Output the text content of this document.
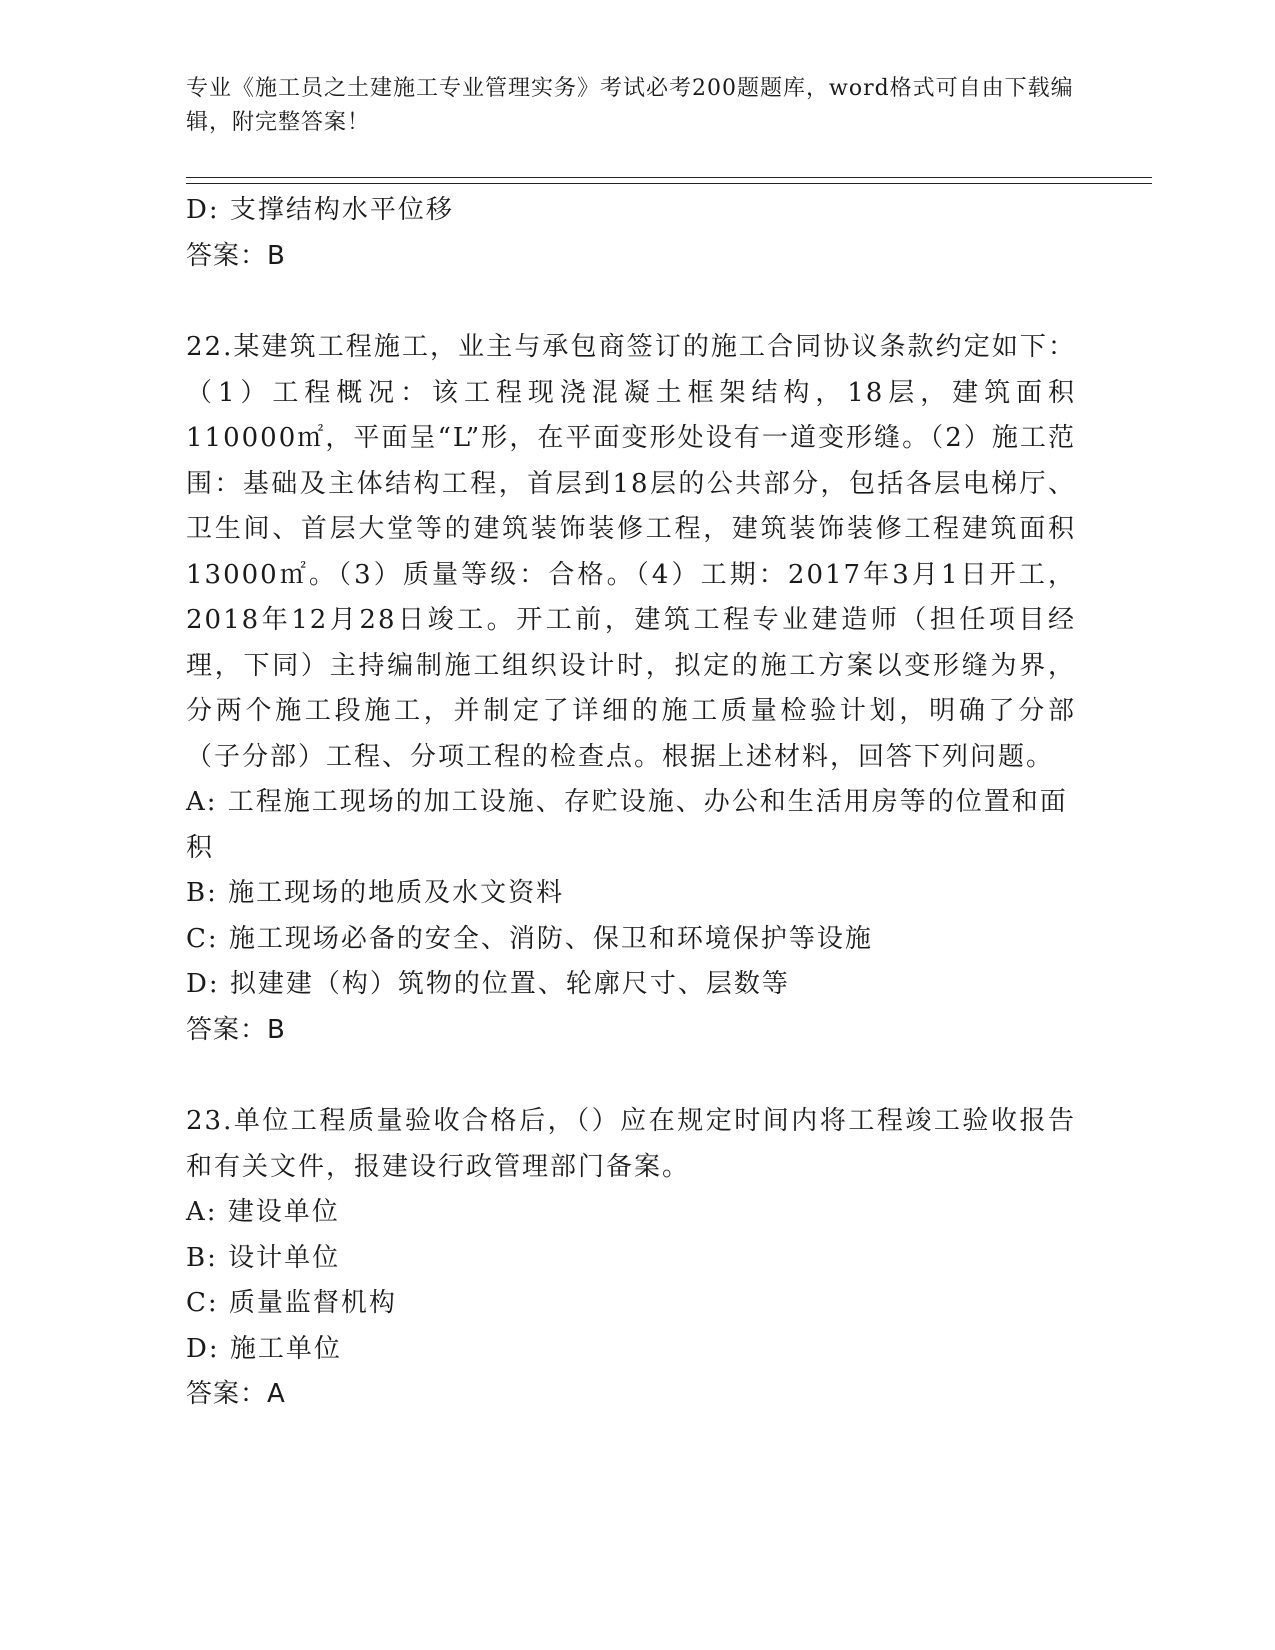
专业《施工员之土建施工专业管理实务》考试必考200题题库，word格式可自由下载编辑，附完整答案！

D: 支撑结构水平位移

答案：B

22.某建筑工程施工，业主与承包商签订的施工合同协议条款约定如下：（1）工程概况：该工程现浇混凝土框架结构，18层，建筑面积110000㎡，平面呈“L”形，在平面变形处设有一道变形缝。（2）施工范围：基础及主体结构工程，首层到18层的公共部分，包括各层电梯厅、卫生间、首层大堂等的建筑装饰装修工程，建筑装饰装修工程建筑面积13000㎡。（3）质量等级：合格。（4）工期：2017年3月1日开工，2018年12月28日竣工。开工前，建筑工程专业建造师（担任项目经理，下同）主持编制施工组织设计时，拟定的施工方案以变形缝为界，分两个施工段施工，并制定了详细的施工质量检验计划，明确了分部（子分部）工程、分项工程的检查点。根据上述材料，回答下列问题。

A: 工程施工现场的加工设施、存贮设施、办公和生活用房等的位置和面积

B: 施工现场的地质及水文资料

C: 施工现场必备的安全、消防、保卫和环境保护等设施

D: 拟建建（构）筑物的位置、轮廓尺寸、层数等

答案：B

23.单位工程质量验收合格后，（）应在规定时间内将工程竣工验收报告和有关文件，报建设行政管理部门备案。

A: 建设单位

B: 设计单位

C: 质量监督机构

D: 施工单位

答案：A
